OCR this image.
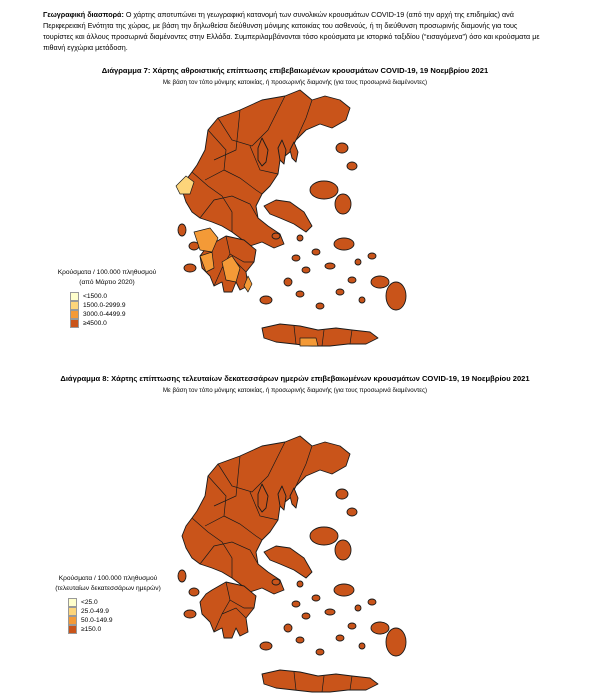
Γεωγραφική διασπορά: Ο χάρτης αποτυπώνει τη γεωγραφική κατανομή των συνολικών κρουσμάτων COVID-19 (από την αρχή της επιδημίας) ανά Περιφερειακή Ενότητα της χώρας, με βάση την δηλωθείσα διεύθυνση μόνιμης κατοικίας του ασθενούς, ή τη διεύθυνση προσωρινής διαμονής για τους τουρίστες και άλλους προσωρινά διαμένοντες στην Ελλάδα. Συμπεριλαμβάνονται τόσο κρούσματα με ιστορικό ταξιδίου (“εισαγόμενα”) όσο και κρούσματα με πιθανή εγχώρια μετάδοση.
Διάγραμμα 7: Χάρτης αθροιστικής επίπτωσης επιβεβαιωμένων κρουσμάτων COVID-19, 19 Νοεμβρίου 2021
Με βάση τον τόπο μόνιμης κατοικίας, ή προσωρινής διαμονής (για τους προσωρινά διαμένοντες)
Κρούσματα / 100.000 πληθυσμού
(από Μάρτιο 2020)
<1500.0
1500.0-2999.9
3000.0-4499.9
≥4500.0
Διάγραμμα 8: Χάρτης επίπτωσης τελευταίων δεκατεσσάρων ημερών επιβεβαιωμένων κρουσμάτων COVID-19, 19 Νοεμβρίου 2021
Με βάση τον τόπο μόνιμης κατοικίας, ή προσωρινής διαμονής (για τους προσωρινά διαμένοντες)
Κρούσματα / 100.000 πληθυσμού
(τελευταίων δεκατεσσάρων ημερών)
<25.0
25.0-49.9
50.0-149.9
≥150.0
